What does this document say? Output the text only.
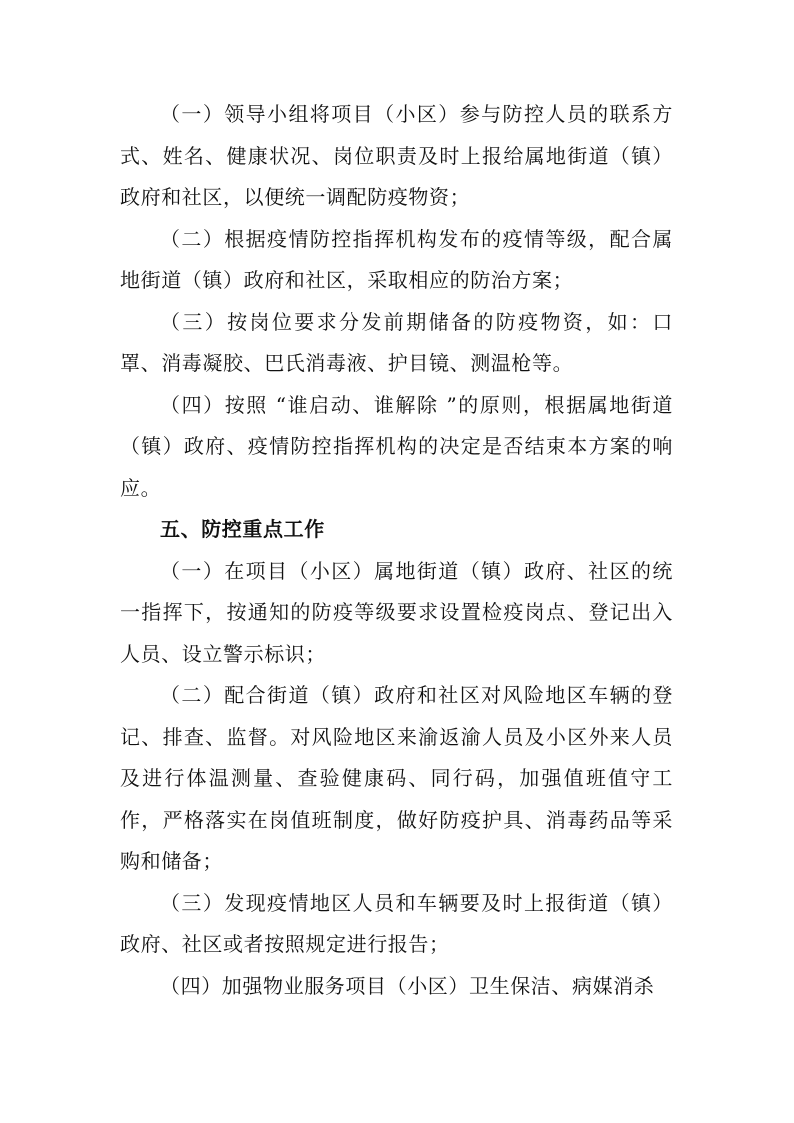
（一）领导小组将项目（小区）参与防控人员的联系方式、姓名、健康状况、岗位职责及时上报给属地街道（镇）政府和社区，以便统一调配防疫物资；

（二）根据疫情防控指挥机构发布的疫情等级，配合属地街道（镇）政府和社区，采取相应的防治方案；

（三）按岗位要求分发前期储备的防疫物资，如：口罩、消毒凝胶、巴氏消毒液、护目镜、测温枪等。

（四）按照 “谁启动、谁解除 ”的原则，根据属地街道（镇）政府、疫情防控指挥机构的决定是否结束本方案的响应。

五、防控重点工作

（一）在项目（小区）属地街道（镇）政府、社区的统一指挥下，按通知的防疫等级要求设置检疫岗点、登记出入人员、设立警示标识；

（二）配合街道（镇）政府和社区对风险地区车辆的登记、排查、监督。对风险地区来渝返渝人员及小区外来人员及进行体温测量、查验健康码、同行码，加强值班值守工作，严格落实在岗值班制度，做好防疫护具、消毒药品等采购和储备；

（三）发现疫情地区人员和车辆要及时上报街道（镇）政府、社区或者按照规定进行报告；

（四）加强物业服务项目（小区）卫生保洁、病媒消杀
